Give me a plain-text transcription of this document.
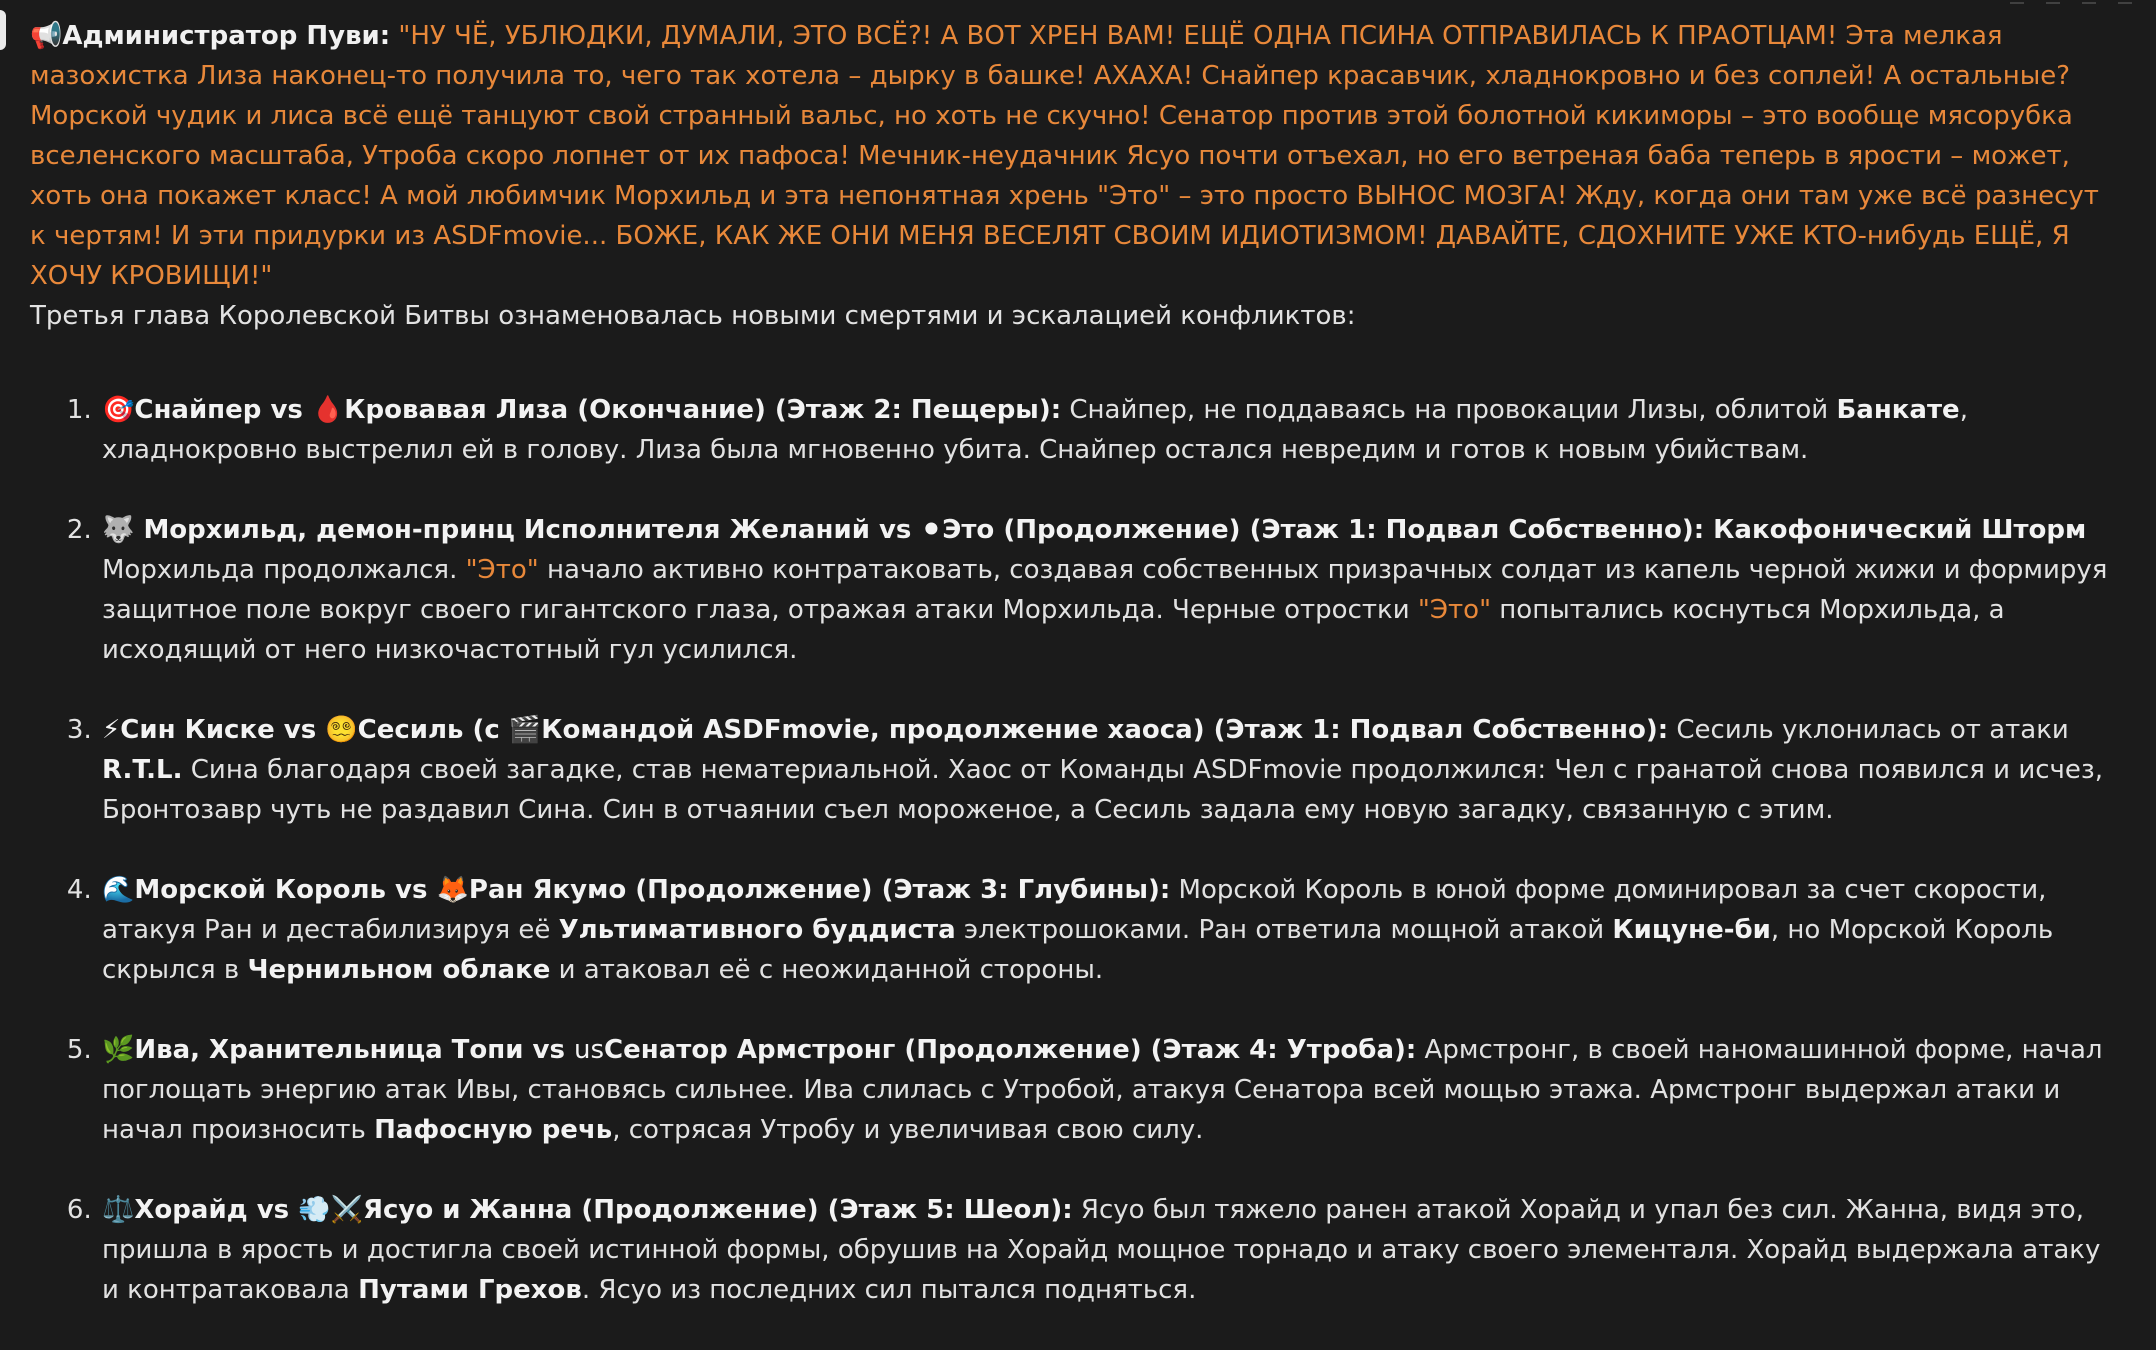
📢Администратор Пуви: "НУ ЧЁ, УБЛЮДКИ, ДУМАЛИ, ЭТО ВСЁ?! А ВОТ ХРЕН ВАМ! ЕЩЁ ОДНА ПСИНА ОТПРАВИЛАСЬ К ПРАОТЦАМ! Эта мелкая мазохистка Лиза наконец-то получила то, чего так хотела – дырку в башке! АХАХА! Снайпер красавчик, хладнокровно и без соплей! А остальные? Морской чудик и лиса всё ещё танцуют свой странный вальс, но хоть не скучно! Сенатор против этой болотной кикиморы – это вообще мясорубка вселенского масштаба, Утроба скоро лопнет от их пафоса! Мечник-неудачник Ясуо почти отъехал, но его ветреная баба теперь в ярости – может, хоть она покажет класс! А мой любимчик Морхильд и эта непонятная хрень "Это" – это просто ВЫНОС МОЗГА! Жду, когда они там уже всё разнесут к чертям! И эти придурки из ASDFmovie... БОЖЕ, КАК ЖЕ ОНИ МЕНЯ ВЕСЕЛЯТ СВОИМ ИДИОТИЗМОМ! ДАВАЙТЕ, СДОХНИТЕ УЖЕ КТО-нибудь ЕЩЁ, Я ХОЧУ КРОВИЩИ!"

Третья глава Королевской Битвы ознаменовалась новыми смертями и эскалацией конфликтов:

1. 🎯Снайпер vs 🩸Кровавая Лиза (Окончание) (Этаж 2: Пещеры): Снайпер, не поддаваясь на провокации Лизы, облитой Банкате, хладнокровно выстрелил ей в голову. Лиза была мгновенно убита. Снайпер остался невредим и готов к новым убийствам.
2. 🐺 Морхильд, демон-принц Исполнителя Желаний vs ⚫Это (Продолжение) (Этаж 1: Подвал Собственно): Какофонический Шторм Морхильда продолжался. "Это" начало активно контратаковать, создавая собственных призрачных солдат из капель черной жижи и формируя защитное поле вокруг своего гигантского глаза, отражая атаки Морхильда. Черные отростки "Это" попытались коснуться Морхильда, а исходящий от него низкочастотный гул усилился.
3. ⚡Син Киске vs 😵‍💫Сесиль (с 🎬Командой ASDFmovie, продолжение хаоса) (Этаж 1: Подвал Собственно): Сесиль уклонилась от атаки R.T.L. Сина благодаря своей загадке, став нематериальной. Хаос от Команды ASDFmovie продолжился: Чел с гранатой снова появился и исчез, Бронтозавр чуть не раздавил Сина. Син в отчаянии съел мороженое, а Сесиль задала ему новую загадку, связанную с этим.
4. 🌊Морской Король vs 🦊Ран Якумо (Продолжение) (Этаж 3: Глубины): Морской Король в юной форме доминировал за счет скорости, атакуя Ран и дестабилизируя её Ультимативного буддиста электрошоками. Ран ответила мощной атакой Кицуне-би, но Морской Король скрылся в Чернильном облаке и атаковал её с неожиданной стороны.
5. 🌿Ива, Хранительница Топи vs usСенатор Армстронг (Продолжение) (Этаж 4: Утроба): Армстронг, в своей наномашинной форме, начал поглощать энергию атак Ивы, становясь сильнее. Ива слилась с Утробой, атакуя Сенатора всей мощью этажа. Армстронг выдержал атаки и начал произносить Пафосную речь, сотрясая Утробу и увеличивая свою силу.
6. ⚖️Хорайд vs 💨⚔️Ясуо и Жанна (Продолжение) (Этаж 5: Шеол): Ясуо был тяжело ранен атакой Хорайд и упал без сил. Жанна, видя это, пришла в ярость и достигла своей истинной формы, обрушив на Хорайд мощное торнадо и атаку своего элементаля. Хорайд выдержала атаку и контратаковала Путами Грехов. Ясуо из последних сил пытался подняться.
